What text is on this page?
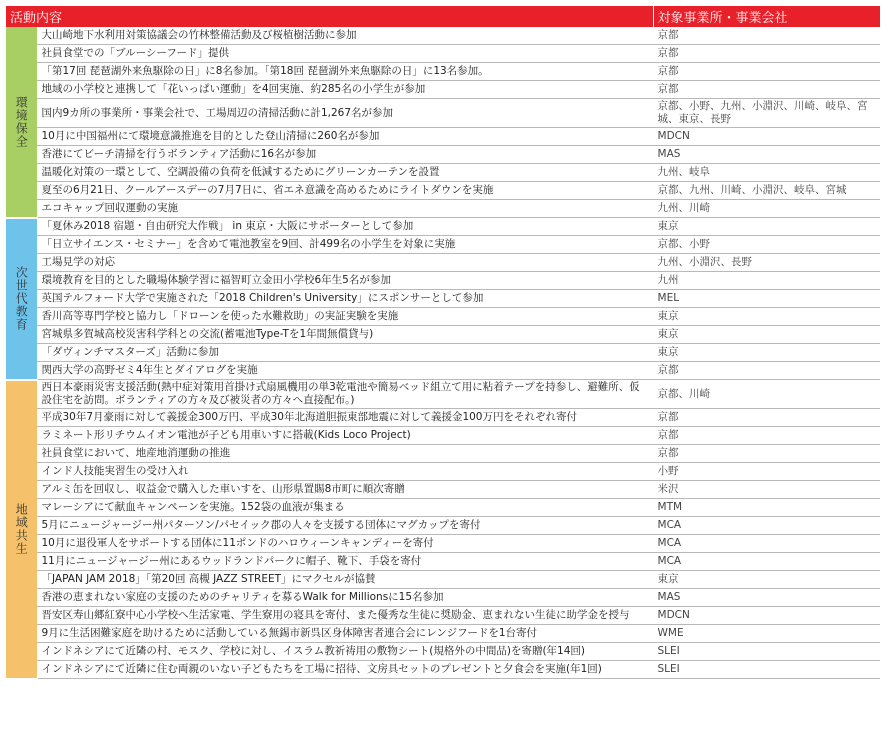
活動内容		対象事業所・事業会社
環境保全	大山崎地下水利用対策協議会の竹林整備活動及び桜植樹活動に参加	京都
	社員食堂での「ブルーシーフード」提供	京都
	「第17回 琵琶湖外来魚駆除の日」に8名参加。「第18回 琵琶湖外来魚駆除の日」に13名参加。	京都
	地域の小学校と連携して「花いっぱい運動」を4回実施、約285名の小学生が参加	京都
	国内9カ所の事業所・事業会社で、工場周辺の清掃活動に計1,267名が参加	京都、小野、九州、小淵沢、川崎、岐阜、宮城、東京、長野
	10月に中国福州にて環境意識推進を目的とした登山清掃に260名が参加	MDCN
	香港にてビーチ清掃を行うボランティア活動に16名が参加	MAS
	温暖化対策の一環として、空調設備の負荷を低減するためにグリーンカーテンを設置	九州、岐阜
	夏至の6月21日、クールアースデーの7月7日に、省エネ意識を高めるためにライトダウンを実施	京都、九州、川崎、小淵沢、岐阜、宮城
	エコキャップ回収運動の実施	九州、川崎
次世代教育	「夏休み2018 宿題・自由研究大作戦」 in 東京・大阪にサポーターとして参加	東京
	「日立サイエンス・セミナー」を含めて電池教室を9回、計499名の小学生を対象に実施	京都、小野
	工場見学の対応	九州、小淵沢、長野
	環境教育を目的とした職場体験学習に福智町立金田小学校6年生5名が参加	九州
	英国テルフォード大学で実施された「2018 Children's University」にスポンサーとして参加	MEL
	香川高等専門学校と協力し「ドローンを使った水難救助」の実証実験を実施	東京
	宮城県多賀城高校災害科学科との交流(蓄電池Type-Tを1年間無償貸与)	東京
	「ダヴィンチマスターズ」活動に参加	東京
	関西大学の高野ゼミ4年生とダイアログを実施	京都
地域共生	西日本豪雨災害支援活動(熱中症対策用首掛け式扇風機用の単3乾電池や簡易ベッド組立て用に粘着テープを持参し、避難所、仮設住宅を訪問。ボランティアの方々及び被災者の方々へ直接配布。)	京都、川崎
	平成30年7月豪雨に対して義援金300万円、平成30年北海道胆振東部地震に対して義援金100万円をそれぞれ寄付	京都
	ラミネート形リチウムイオン電池が子ども用車いすに搭載(Kids Loco Project)	京都
	社員食堂において、地産地消運動の推進	京都
	インド人技能実習生の受け入れ	小野
	アルミ缶を回収し、収益金で購入した車いすを、山形県置賜8市町に順次寄贈	米沢
	マレーシアにて献血キャンペーンを実施。152袋の血液が集まる	MTM
	5月にニュージャージー州パターソン/パセイック郡の人々を支援する団体にマグカップを寄付	MCA
	10月に退役軍人をサポートする団体に11ポンドのハロウィーンキャンディーを寄付	MCA
	11月にニュージャージー州にあるウッドランドパークに帽子、靴下、手袋を寄付	MCA
	「JAPAN JAM 2018」「第20回 高槻 JAZZ STREET」にマクセルが協賛	東京
	香港の恵まれない家庭の支援のためのチャリティを募るWalk for Millionsに15名参加	MAS
	晋安区寿山郷紅寮中心小学校へ生活家電、学生寮用の寝具を寄付、また優秀な生徒に奨励金、恵まれない生徒に助学金を授与	MDCN
	9月に生活困難家庭を助けるために活動している無錫市新呉区身体障害者連合会にレンジフードを1台寄付	WME
	インドネシアにて近隣の村、モスク、学校に対し、イスラム教祈祷用の敷物シート(規格外の中間品)を寄贈(年14回)	SLEI
	インドネシアにて近隣に住む両親のいない子どもたちを工場に招待、文房具セットのプレゼントと夕食会を実施(年1回)	SLEI
